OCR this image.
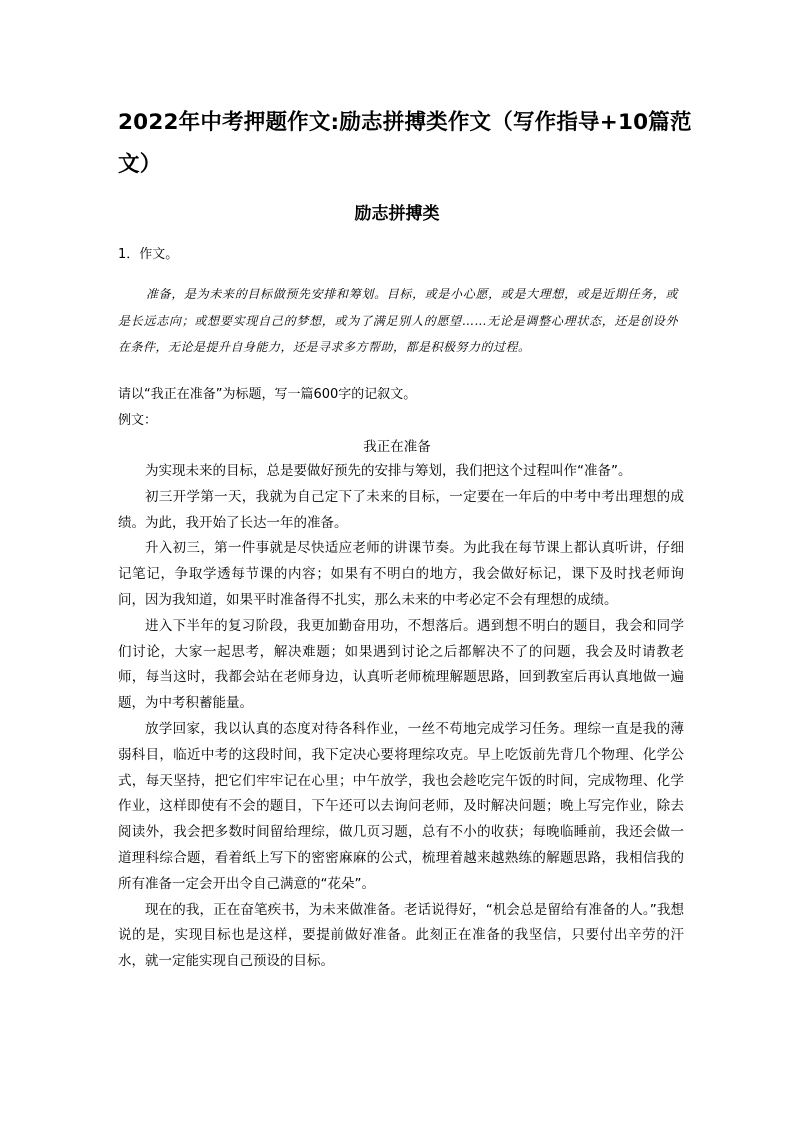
2022年中考押题作文:励志拼搏类作文（写作指导+10篇范文）
励志拼搏类

1．作文。

准备，是为未来的目标做预先安排和筹划。目标，或是小心愿，或是大理想，或是近期任务，或是长远志向；或想要实现自己的梦想，或为了满足别人的愿望……无论是调整心理状态，还是创设外在条件，无论是提升自身能力，还是寻求多方帮助，都是积极努力的过程。

请以“我正在准备”为标题，写一篇600字的记叙文。

例文：

我正在准备

为实现未来的目标，总是要做好预先的安排与筹划，我们把这个过程叫作“准备”。

初三开学第一天，我就为自己定下了未来的目标，一定要在一年后的中考中考出理想的成绩。为此，我开始了长达一年的准备。

升入初三，第一件事就是尽快适应老师的讲课节奏。为此我在每节课上都认真听讲，仔细记笔记，争取学透每节课的内容；如果有不明白的地方，我会做好标记，课下及时找老师询问，因为我知道，如果平时准备得不扎实，那么未来的中考必定不会有理想的成绩。

进入下半年的复习阶段，我更加勤奋用功，不想落后。遇到想不明白的题目，我会和同学们讨论，大家一起思考，解决难题；如果遇到讨论之后都解决不了的问题，我会及时请教老师，每当这时，我都会站在老师身边，认真听老师梳理解题思路，回到教室后再认真地做一遍题，为中考积蓄能量。

放学回家，我以认真的态度对待各科作业，一丝不苟地完成学习任务。理综一直是我的薄弱科目，临近中考的这段时间，我下定决心要将理综攻克。早上吃饭前先背几个物理、化学公式，每天坚持，把它们牢牢记在心里；中午放学，我也会趁吃完午饭的时间，完成物理、化学作业，这样即使有不会的题目，下午还可以去询问老师，及时解决问题；晚上写完作业，除去阅读外，我会把多数时间留给理综，做几页习题，总有不小的收获；每晚临睡前，我还会做一道理科综合题，看着纸上写下的密密麻麻的公式，梳理着越来越熟练的解题思路，我相信我的所有准备一定会开出令自己满意的“花朵”。

现在的我，正在奋笔疾书，为未来做准备。老话说得好，“机会总是留给有准备的人。”我想说的是，实现目标也是这样，要提前做好准备。此刻正在准备的我坚信，只要付出辛劳的汗水，就一定能实现自己预设的目标。
